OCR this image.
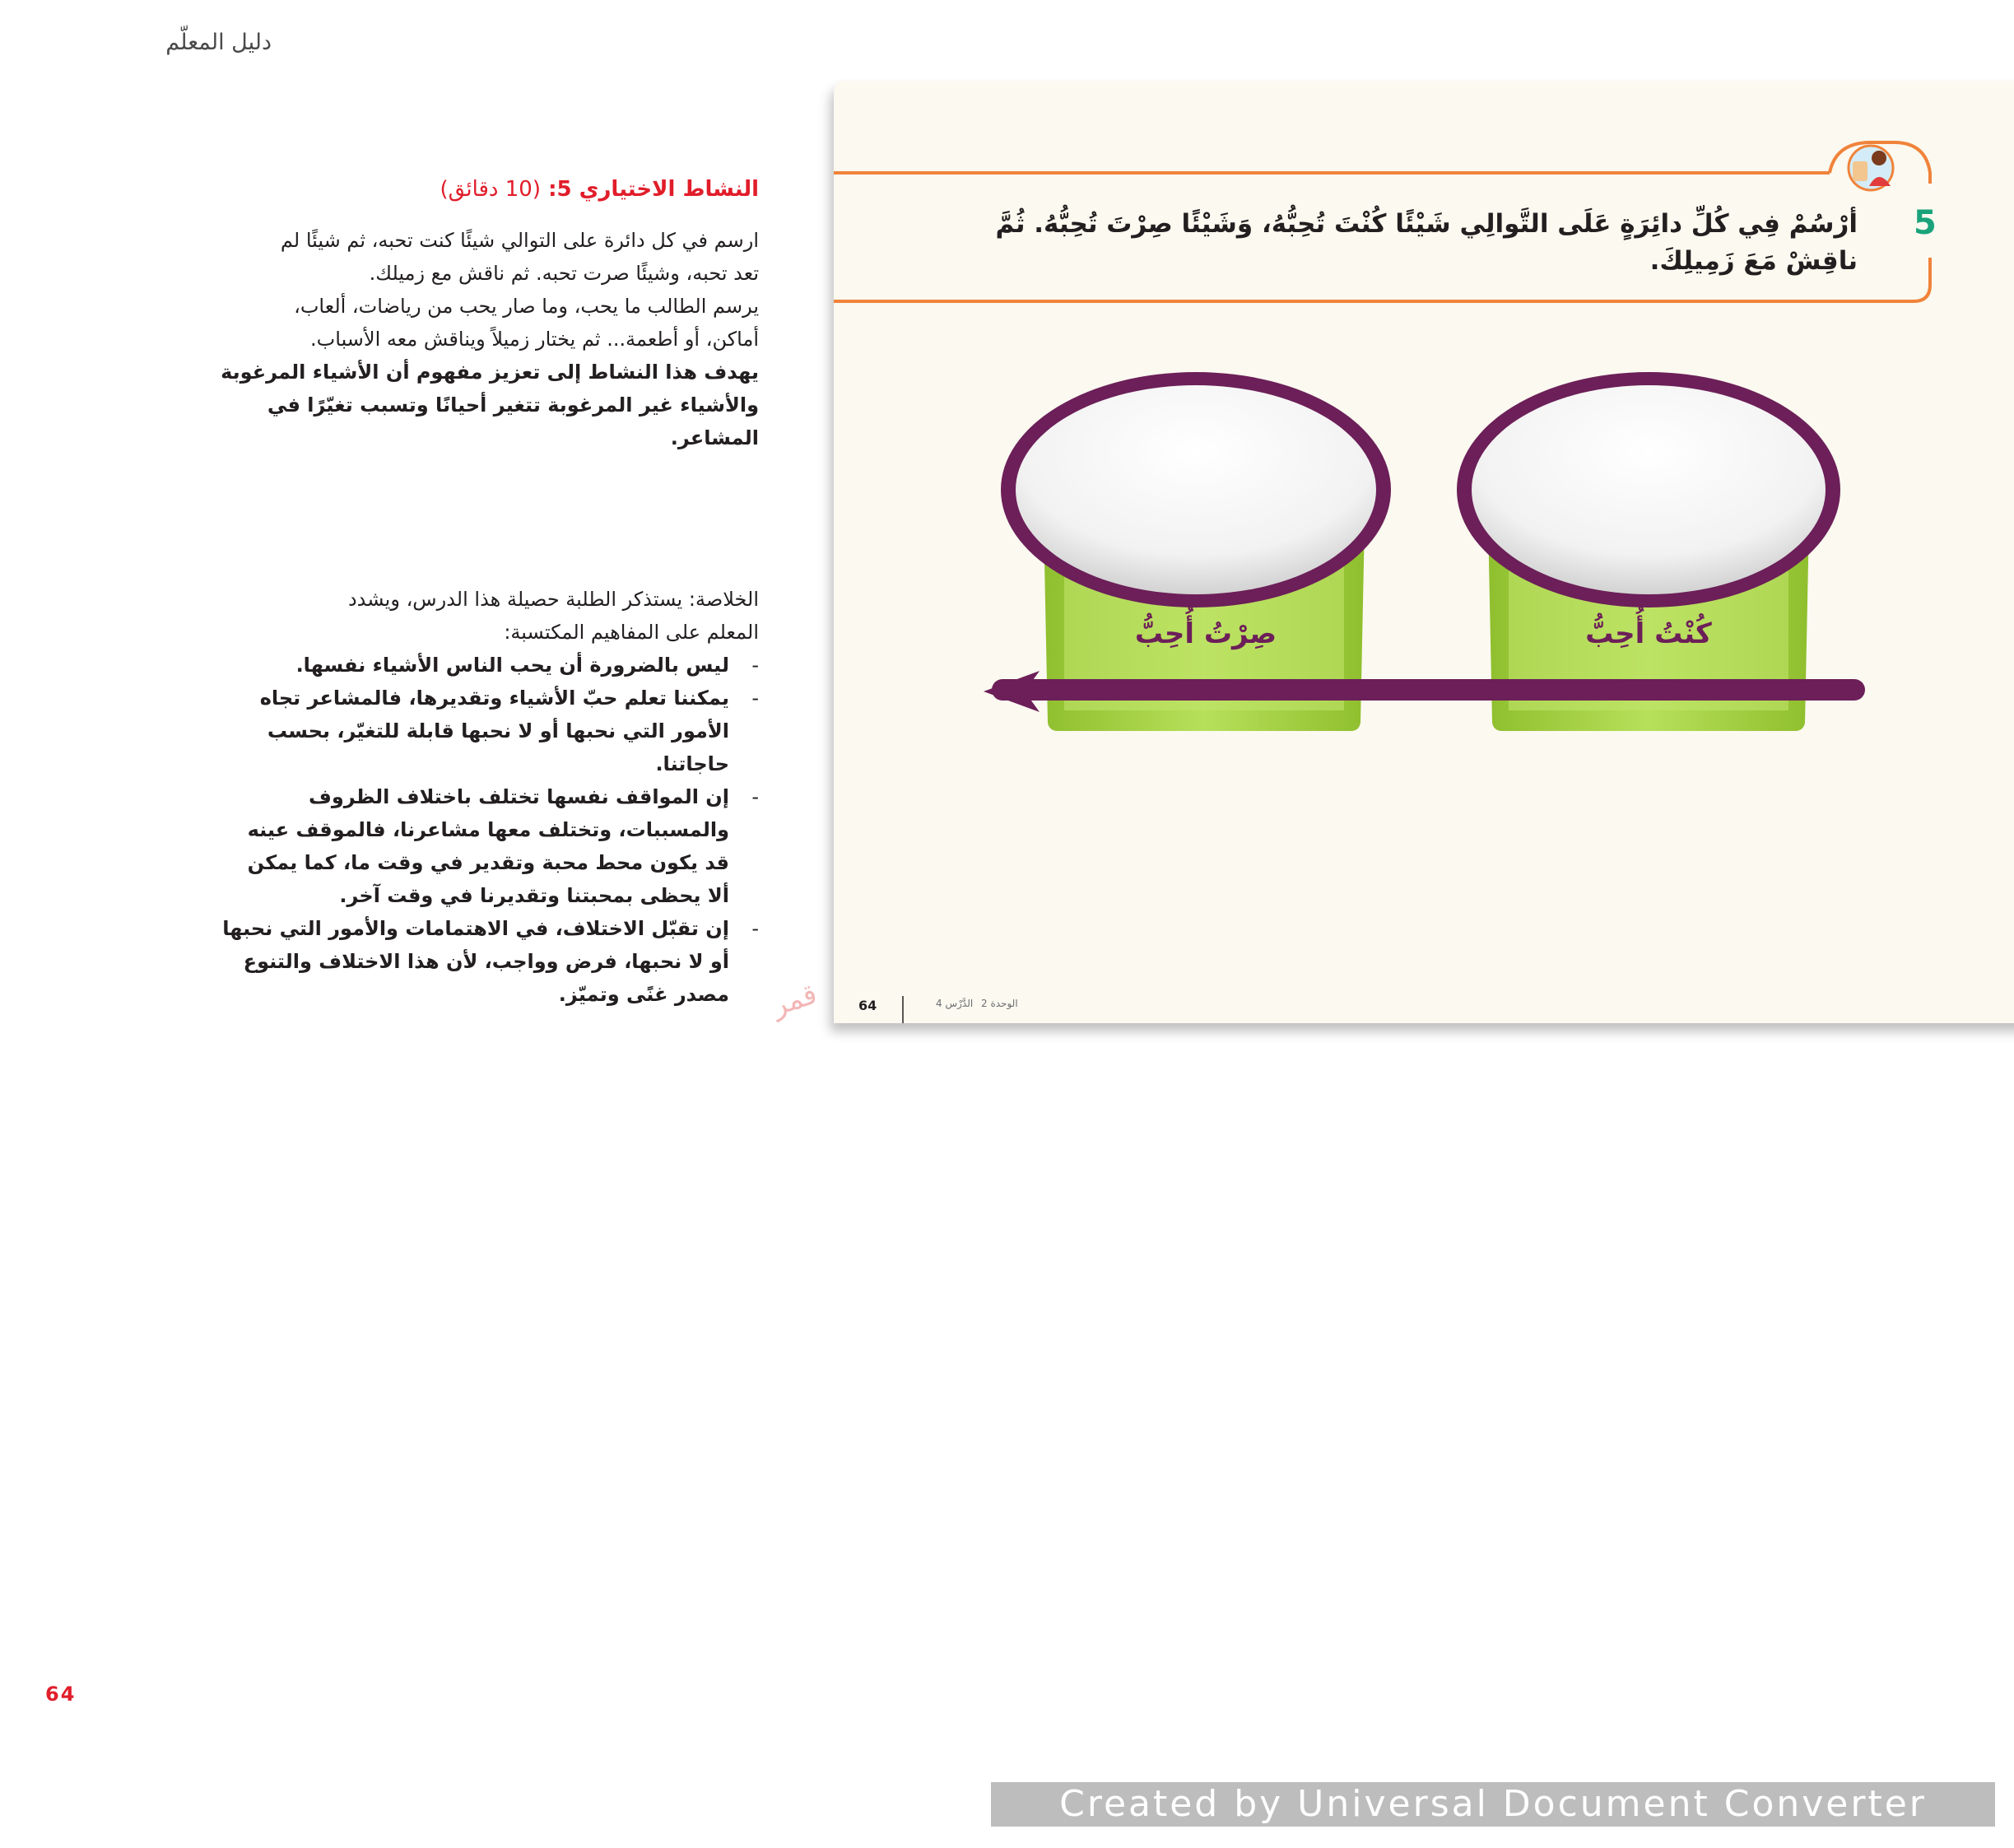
دليل المعلّم
النشاط الاختياري 5: (10 دقائق)

ارسم في كل دائرة على التوالي شيئًا كنت تحبه، ثم شيئًا لم

تعد تحبه، وشيئًا صرت تحبه. ثم ناقش مع زميلك.

يرسم الطالب ما يحب، وما صار يحب من رياضات، ألعاب،

أماكن، أو أطعمة... ثم يختار زميلاً ويناقش معه الأسباب.

يهدف هذا النشاط إلى تعزيز مفهوم أن الأشياء المرغوبة

والأشياء غير المرغوبة تتغير أحيانًا وتسبب تغيّرًا في

المشاعر.

الخلاصة: يستذكر الطلبة حصيلة هذا الدرس، ويشدد

المعلم على المفاهيم المكتسبة:

-
ليس بالضرورة أن يحب الناس الأشياء نفسها.
-
يمكننا تعلم حبّ الأشياء وتقديرها، فالمشاعر تجاه
الأمور التي نحبها أو لا نحبها قابلة للتغيّر، بحسب
حاجاتنا.
-
إن المواقف نفسها تختلف باختلاف الظروف
والمسببات، وتختلف معها مشاعرنا، فالموقف عينه
قد يكون محط محبة وتقدير في وقت ما، كما يمكن
ألا يحظى بمحبتنا وتقديرنا في وقت آخر.
-
إن تقبّل الاختلاف، في الاهتمامات والأمور التي نحبها
أو لا نحبها، فرض وواجب، لأن هذا الاختلاف والتنوع
مصدر غنًى وتميّز.
64
كُنْتُ أُحِبُّ
صِرْتُ أُحِبُّ
64	الوحدة 2 الدَّرْس 4
5
أرْسُمْ فِي كُلِّ دائِرَةٍ عَلَى التَّوالِي شَيْئًا كُنْتَ تُحِبُّهُ، وَشَيْئًا صِرْتَ تُحِبُّهُ. ثُمَّ
ناقِشْ مَعَ زَمِيلِكَ.
قمر
Created by Universal Document Converter
